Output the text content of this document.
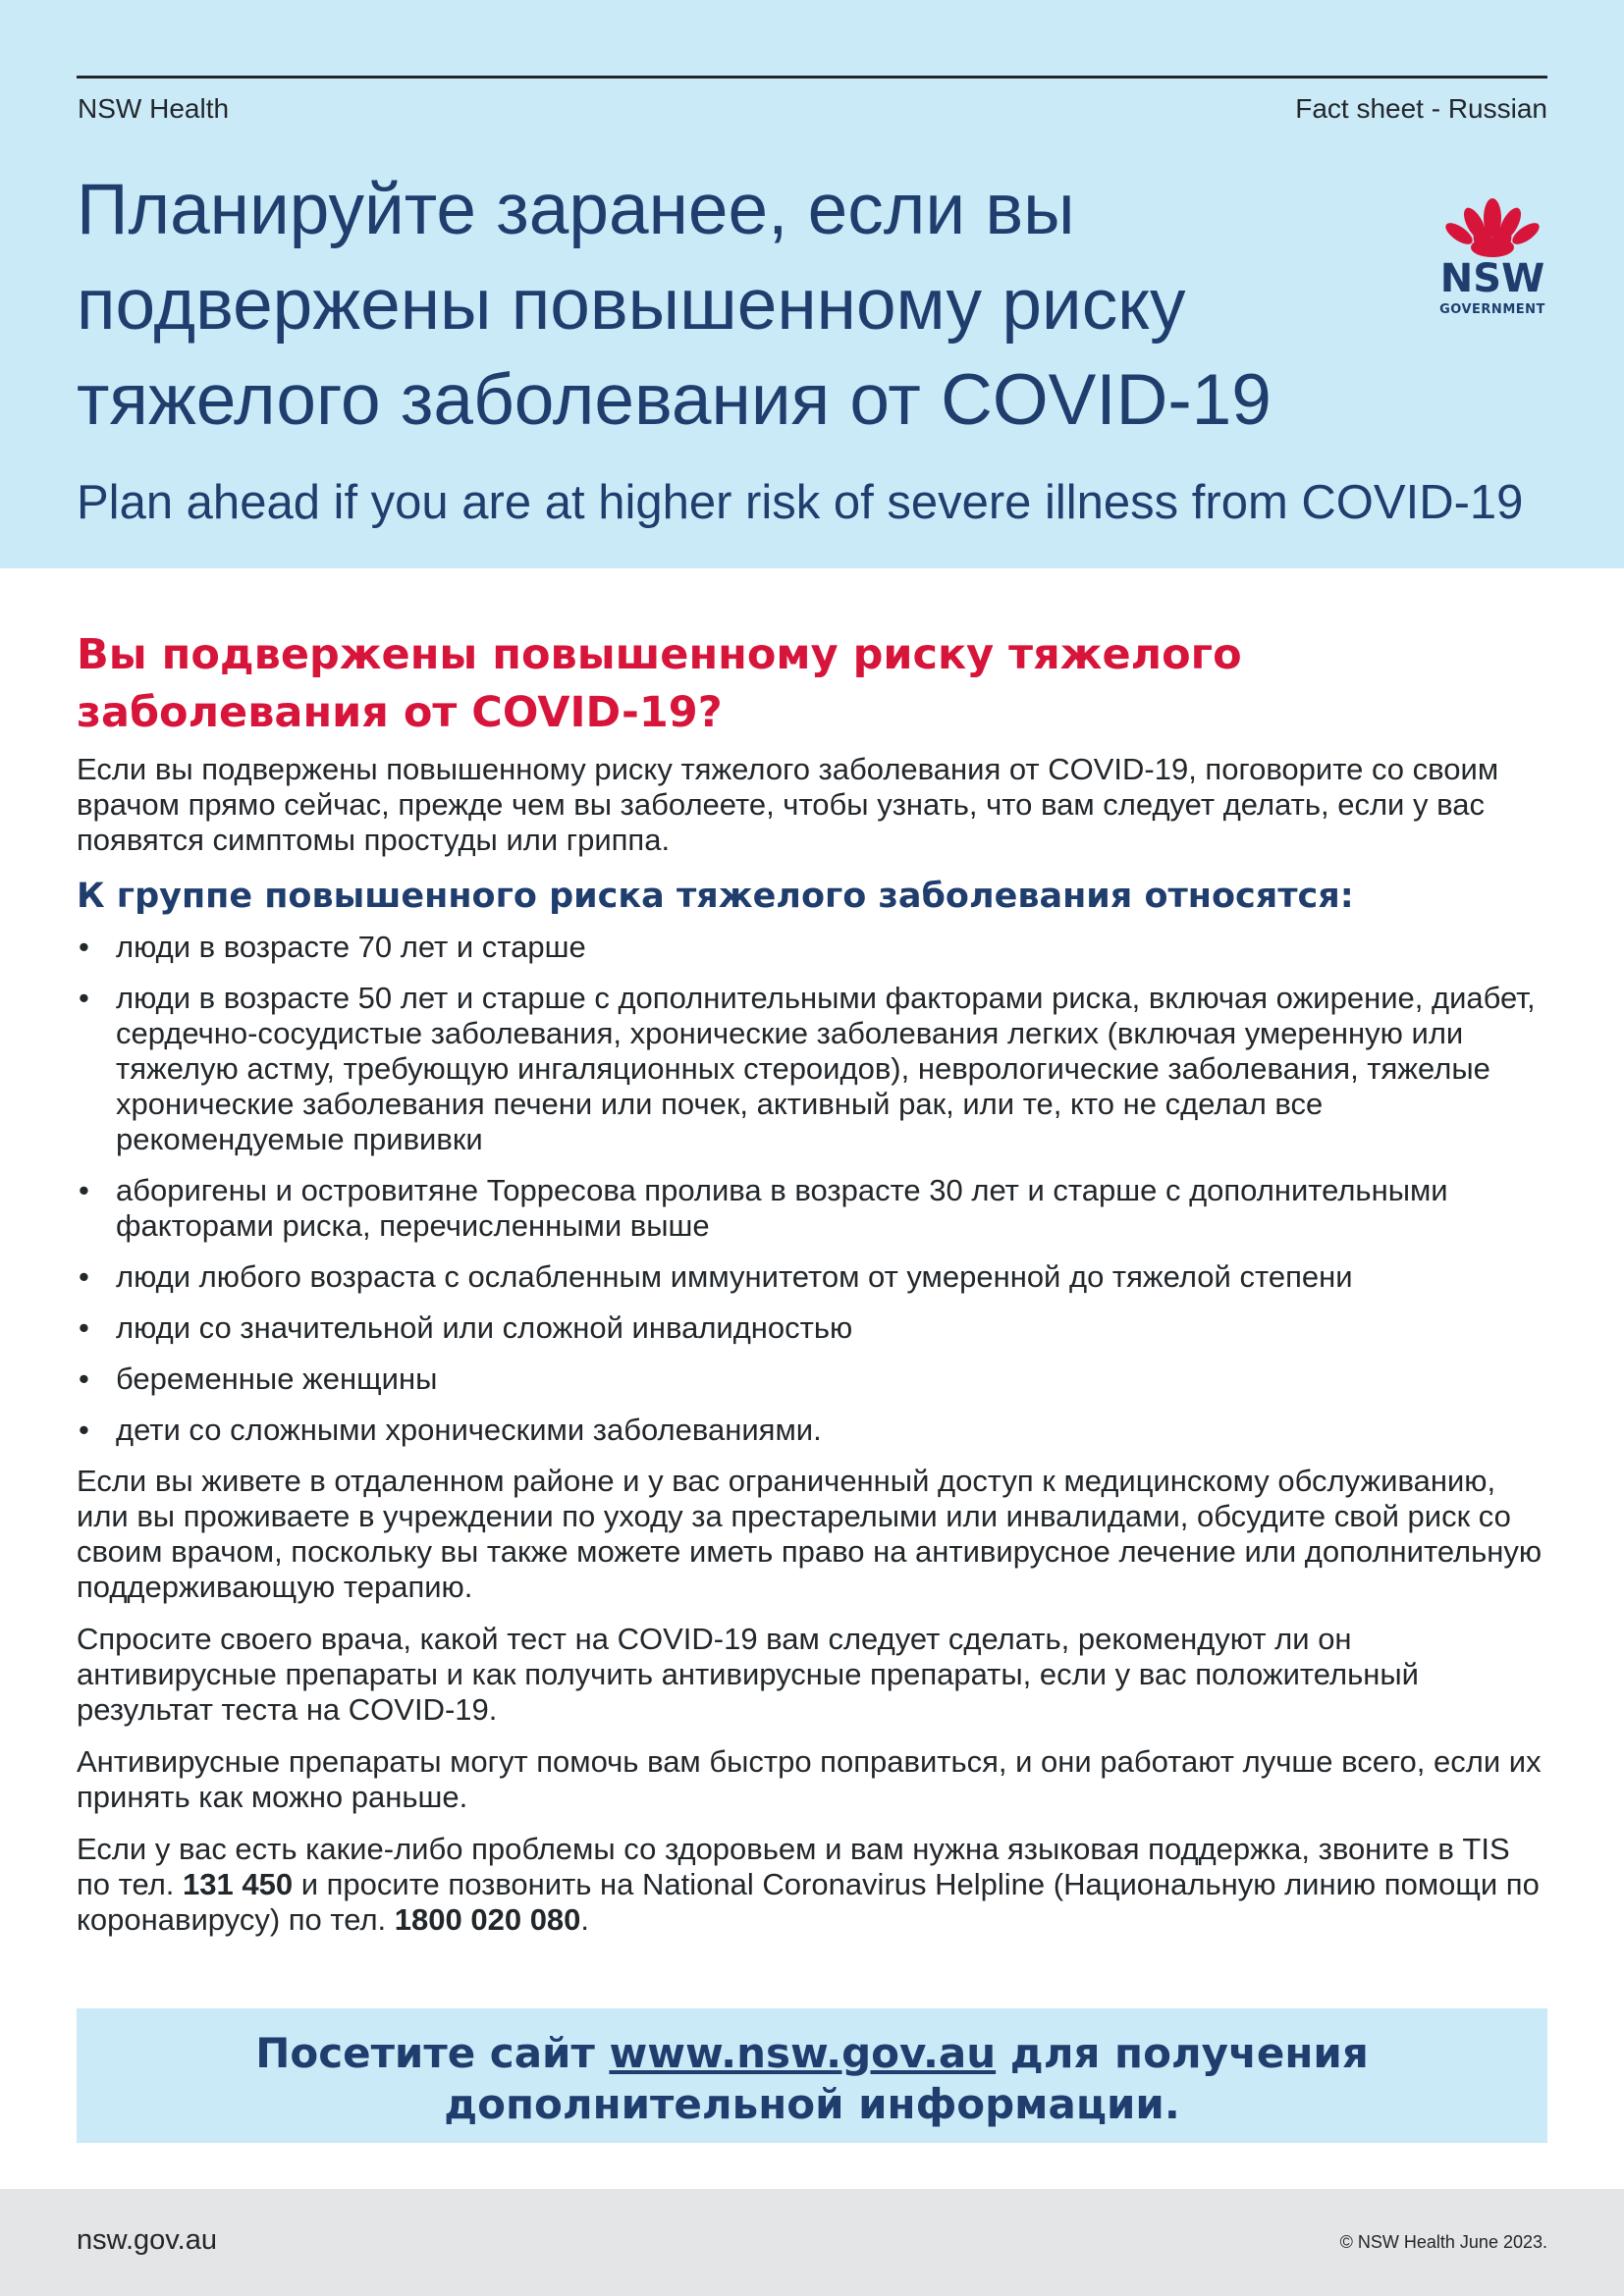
NSW Health	Fact sheet - Russian
Планируйте заранее, если вы подвержены повышенному риску тяжелого заболевания от COVID-19
Plan ahead if you are at higher risk of severe illness from COVID-19
NSW
GOVERNMENT
Вы подвержены повышенному риску тяжелого заболевания от COVID-19?

Если вы подвержены повышенному риску тяжелого заболевания от COVID-19, поговорите со своим врачом прямо сейчас, прежде чем вы заболеете, чтобы узнать, что вам следует делать, если у вас появятся симптомы простуды или гриппа.

К группе повышенного риска тяжелого заболевания относятся:
• люди в возрасте 70 лет и старше
• люди в возрасте 50 лет и старше с дополнительными факторами риска, включая ожирение, диабет, сердечно-сосудистые заболевания, хронические заболевания легких (включая умеренную или тяжелую астму, требующую ингаляционных стероидов), неврологические заболевания, тяжелые хронические заболевания печени или почек, активный рак, или те, кто не сделал все рекомендуемые прививки
• аборигены и островитяне Торресова пролива в возрасте 30 лет и старше с дополнительными факторами риска, перечисленными выше
• люди любого возраста с ослабленным иммунитетом от умеренной до тяжелой степени
• люди со значительной или сложной инвалидностью
• беременные женщины
• дети со сложными хроническими заболеваниями.

Если вы живете в отдаленном районе и у вас ограниченный доступ к медицинскому обслуживанию, или вы проживаете в учреждении по уходу за престарелыми или инвалидами, обсудите свой риск со своим врачом, поскольку вы также можете иметь право на антивирусное лечение или дополнительную поддерживающую терапию.

Спросите своего врача, какой тест на COVID-19 вам следует сделать, рекомендуют ли он антивирусные препараты и как получить антивирусные препараты, если у вас положительный результат теста на COVID-19.

Антивирусные препараты могут помочь вам быстро поправиться, и они работают лучше всего, если их принять как можно раньше.

Если у вас есть какие-либо проблемы со здоровьем и вам нужна языковая поддержка, звоните в TIS по тел. 131 450 и просите позвонить на National Coronavirus Helpline (Национальную линию помощи по коронавирусу) по тел. 1800 020 080.

Посетите сайт www.nsw.gov.au для получения
дополнительной информации.
nsw.gov.au	© NSW Health June 2023.
